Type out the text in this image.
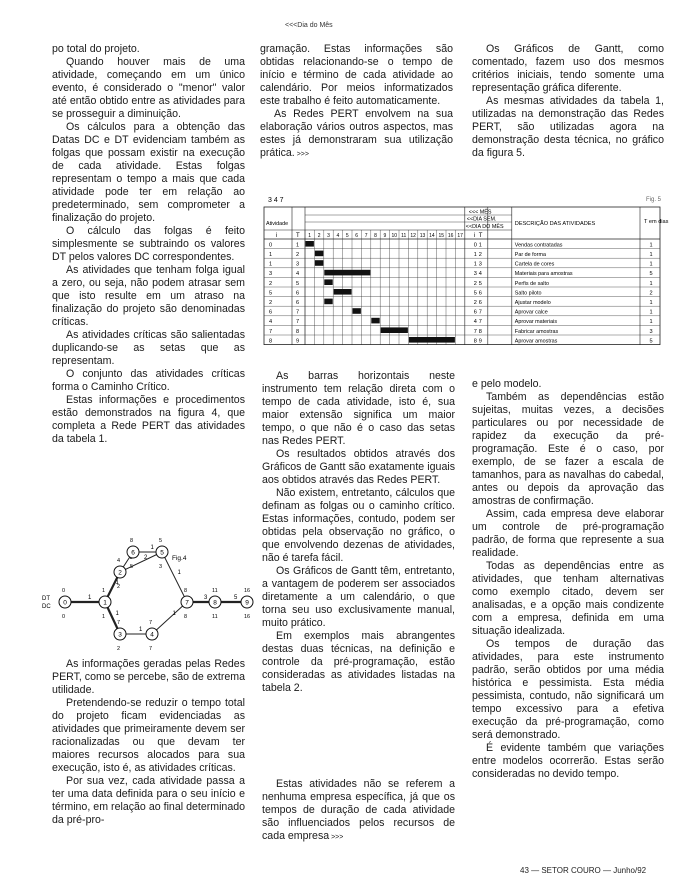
<<<Dia do Mês

po total do projeto.

Quando houver mais de uma atividade, começando em um único evento, é considerado o "menor" valor até então obtido entre as atividades para se prosseguir a diminuição.

Os cálculos para a obtenção das Datas DC e DT evidenciam também as folgas que possam existir na execução de cada atividade. Estas folgas representam o tempo a mais que cada atividade pode ter em relação ao predeterminado, sem comprometer a finalização do projeto.

O cálculo das folgas é feito simplesmente se subtraindo os valores DT pelos valores DC correspondentes.

As atividades que tenham folga igual a zero, ou seja, não podem atrasar sem que isto resulte em um atraso na finalização do projeto são denominadas críticas.

As atividades críticas são salientadas duplicando-se as setas que as representam.

O conjunto das atividades críticas forma o Caminho Crítico.

Estas informações e procedimentos estão demonstrados na figura 4, que completa a Rede PERT das atividades da tabela 1.

As informações geradas pelas Redes PERT, como se percebe, são de extrema utilidade.

Pretendendo-se reduzir o tempo total do projeto ficam evidenciadas as atividades que primeiramente devem ser racionalizadas ou que devam ter maiores recursos alocados para sua execução, isto é, as atividades críticas.

Por sua vez, cada atividade passa a ter uma data definida para o seu início e término, em relação ao final determinado da pré-pro-

gramação. Estas informações são obtidas relacionando-se o tempo de início e término de cada atividade ao calendário. Por meios informatizados este trabalho é feito automaticamente.

As Redes PERT envolvem na sua elaboração vários outros aspectos, mas estes já demonstraram sua utilização prática. >>>

As barras horizontais neste instrumento tem relação direta com o tempo de cada atividade, isto é, sua maior extensão significa um maior tempo, o que não é o caso das setas nas Redes PERT.

Os resultados obtidos através dos Gráficos de Gantt são exatamente iguais aos obtidos através das Redes PERT.

Não existem, entretanto, cálculos que definam as folgas ou o caminho crítico. Estas informações, contudo, podem ser obtidas pela observação no gráfico, o que envolvendo dezenas de atividades, não é tarefa fácil.

Os Gráficos de Gantt têm, entretanto, a vantagem de poderem ser associados diretamente a um calendário, o que torna seu uso exclusivamente manual, muito prático.

Em exemplos mais abrangentes destas duas técnicas, na definição e controle da pré-programação, estão consideradas as atividades listadas na tabela 2.

Estas atividades não se referem a nenhuma empresa específica, já que os tempos de duração de cada atividade são influenciados pelos recursos de cada empresa >>>

Os Gráficos de Gantt, como comentado, fazem uso dos mesmos critérios iniciais, tendo somente uma representação gráfica diferente.

As mesmas atividades da tabela 1, utilizadas na demonstração das Redes PERT, são utilizadas agora na demonstração desta técnica, no gráfico da figura 5.

e pelo modelo.

Também as dependências estão sujeitas, muitas vezes, a decisões particulares ou por necessidade de rapidez da execução da pré-programação. Este é o caso, por exemplo, de se fazer a escala de tamanhos, para as navalhas do cabedal, antes ou depois da aprovação das amostras de confirmação.

Assim, cada empresa deve elaborar um controle de pré-programação padrão, de forma que represente a sua realidade.

Todas as dependências entre as atividades, que tenham alternativas como exemplo citado, devem ser analisadas, e a opção mais condizente com a empresa, definida em uma situação idealizada.

Os tempos de duração das atividades, para este instrumento padrão, serão obtidos por uma média histórica e pessimista. Esta média pessimista, contudo, não significará um tempo excessivo para a efetiva execução da pré-programação, como será demonstrado.

É evidente também que variações entre modelos ocorrerão. Estas serão consideradas no devido tempo.

3 4 7	Fig. 5
Atividade
i	T
<<< MÊS
<<DIA SEM.
<<DIA DO MÊS DESCRIÇÃO DAS ATIVIDADES	T em dias
1 2 3 4 5 6 7 8 9 10 11 12 13 14 15 16 17 i T
0	1	0 1	Vendas contratadas	1
1	2	1 2	Par de forma	1
1	3	1 3	Cartela de cores	1
3	4	3 4	Materiais para amostras	5
2	5	2 5	Perfis de salto	1
5	6	5 6	Salto piloto	2
2	6	2 6	Ajustar modelo	1
6	7	6 7	Aprovar calce	1
4	7	4 7	Aprovar materiais	1
7	8	7 8	Fabricar amostras	3
8	9	8 9	Aprovar amostras	5
1
1
1
1
1
2
1
1
3	5
0
0
0
1
1
1
2
4
2
3
7
2
4
7
7
5
5
3
6
8
5
7
8
8
8
11
11
9
16
16
Fig.4
DT
DC
43 — SETOR COURO — Junho/92
